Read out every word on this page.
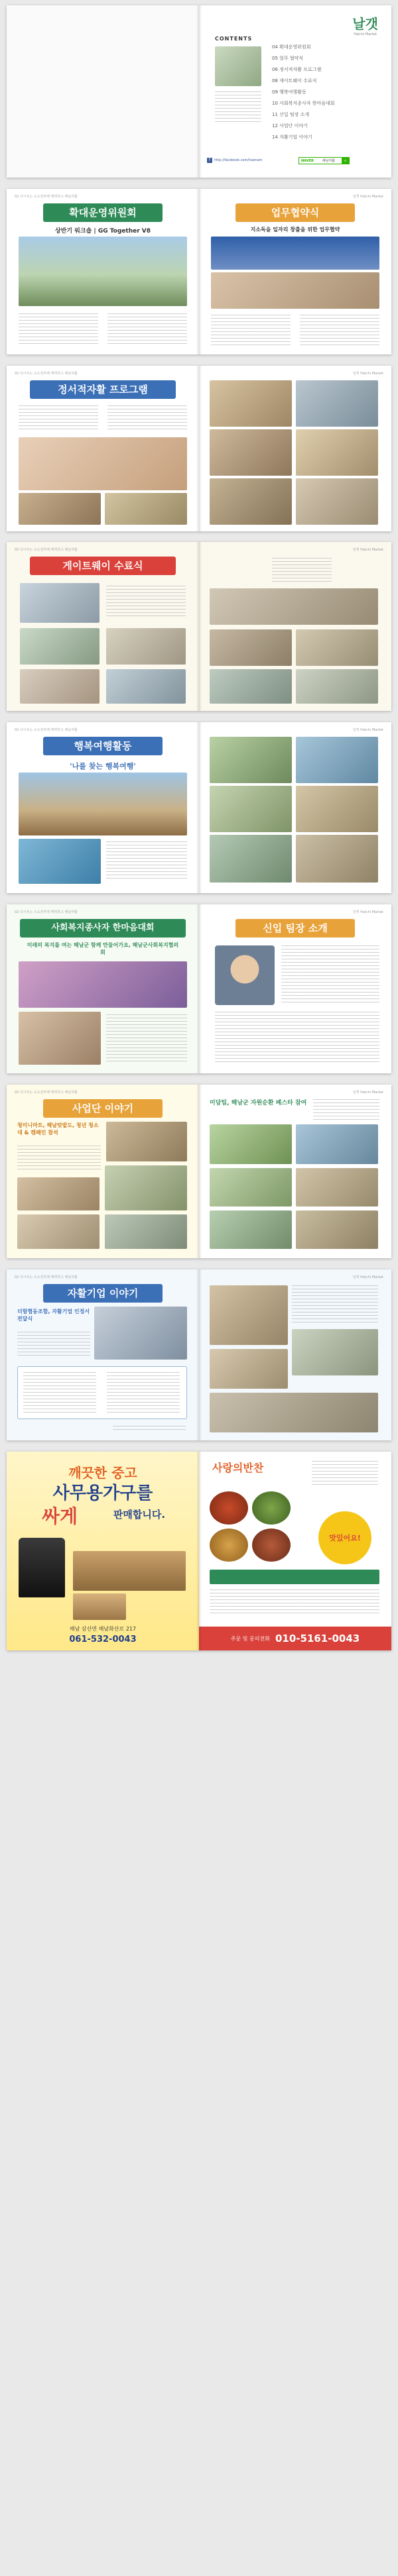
날갯
Hatchi Market
CONTENTS
04 확대운영위원회
05 업무 협약식
06 정서적자활 프로그램
08 게이트웨이 수료식
09 행복여행활동
10 사회복지종사자 한마음대회
11 신입 팀장 소개
12 사업단 이야기
14 자활기업 이야기
f	http://facebook.com/haenam	NAVER	해남자활	⌕
02 다시쓰는 소도전부래 매력하고 해남자활
확대운영위원회
상반기 워크숍 | GG Together V8
날갯 Hatchi Market
업무협약식
지소독을 일자리 창출을 위한 업무협약
02 다시쓰는 소도전부래 매력하고 해남자활
정서적자활 프로그램
날갯 Hatchi Market
02 다시쓰는 소도전부래 매력하고 해남자활
게이트웨이 수료식
날갯 Hatchi Market
02 다시쓰는 소도전부래 매력하고 해남자활
행복여행활동
'나를 찾는 행복여행'
날갯 Hatchi Market
02 다시쓰는 소도전부래 매력하고 해남자활
사회복지종사자 한마음대회
미래의 복지를 여는 해남군 함께 만들어가요, 해남군사회복지협의회
날갯 Hatchi Market
신입 팀장 소개
02 다시쓰는 소도전부래 매력하고 해남자활
사업단 이야기
청미니마트, 해남텃밭도, 청년 청소대 & 캠페인 참석
날갯 Hatchi Market
미담팀, 해남군 자원순환 페스타 참여
02 다시쓰는 소도전부래 매력하고 해남자활
자활기업 이야기
더함협동조합, 자활기업 인정서 전달식
날갯 Hatchi Market
깨끗한 중고
사무용가구를
싸게	판매합니다.
해남 삼산면 해남화산로 217
061-532-0043
사랑의반찬
맛있어요!
주문 및 문의전화 010-5161-0043
